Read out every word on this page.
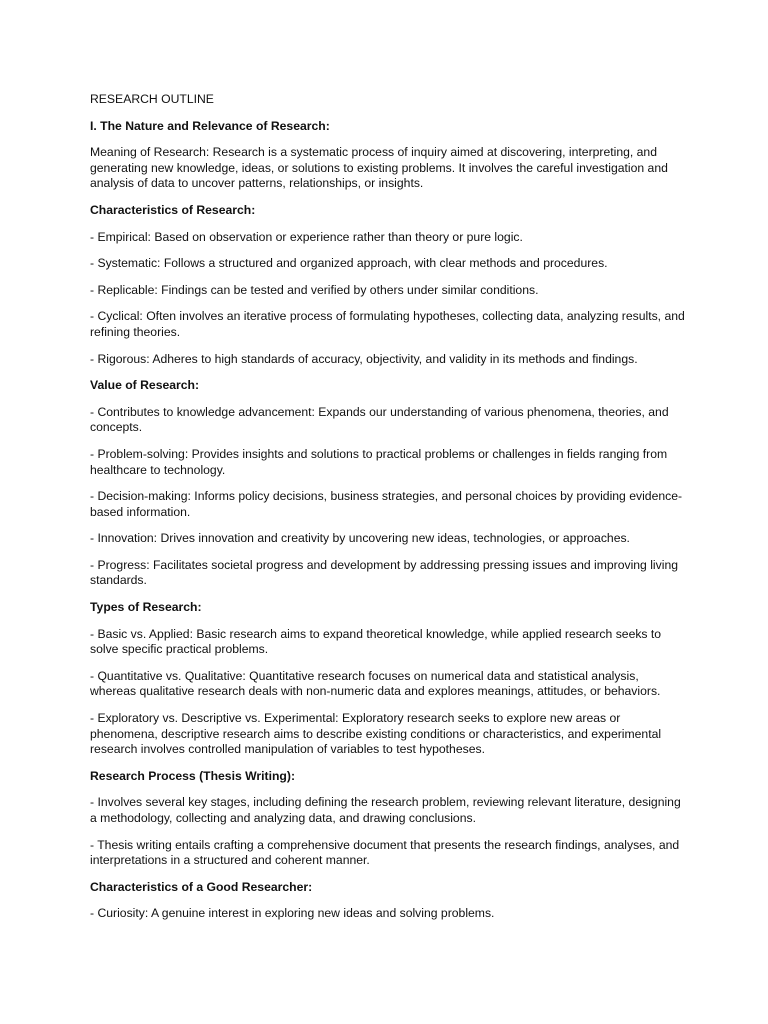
RESEARCH OUTLINE
I. The Nature and Relevance of Research:
Meaning of Research: Research is a systematic process of inquiry aimed at discovering, interpreting, and generating new knowledge, ideas, or solutions to existing problems. It involves the careful investigation and analysis of data to uncover patterns, relationships, or insights.
Characteristics of Research:
- Empirical: Based on observation or experience rather than theory or pure logic.
- Systematic: Follows a structured and organized approach, with clear methods and procedures.
- Replicable: Findings can be tested and verified by others under similar conditions.
- Cyclical: Often involves an iterative process of formulating hypotheses, collecting data, analyzing results, and refining theories.
- Rigorous: Adheres to high standards of accuracy, objectivity, and validity in its methods and findings.
Value of Research:
- Contributes to knowledge advancement: Expands our understanding of various phenomena, theories, and concepts.
- Problem-solving: Provides insights and solutions to practical problems or challenges in fields ranging from healthcare to technology.
- Decision-making: Informs policy decisions, business strategies, and personal choices by providing evidence-based information.
- Innovation: Drives innovation and creativity by uncovering new ideas, technologies, or approaches.
- Progress: Facilitates societal progress and development by addressing pressing issues and improving living standards.
Types of Research:
- Basic vs. Applied: Basic research aims to expand theoretical knowledge, while applied research seeks to solve specific practical problems.
- Quantitative vs. Qualitative: Quantitative research focuses on numerical data and statistical analysis, whereas qualitative research deals with non-numeric data and explores meanings, attitudes, or behaviors.
- Exploratory vs. Descriptive vs. Experimental: Exploratory research seeks to explore new areas or phenomena, descriptive research aims to describe existing conditions or characteristics, and experimental research involves controlled manipulation of variables to test hypotheses.
Research Process (Thesis Writing):
- Involves several key stages, including defining the research problem, reviewing relevant literature, designing a methodology, collecting and analyzing data, and drawing conclusions.
- Thesis writing entails crafting a comprehensive document that presents the research findings, analyses, and interpretations in a structured and coherent manner.
Characteristics of a Good Researcher:
- Curiosity: A genuine interest in exploring new ideas and solving problems.
